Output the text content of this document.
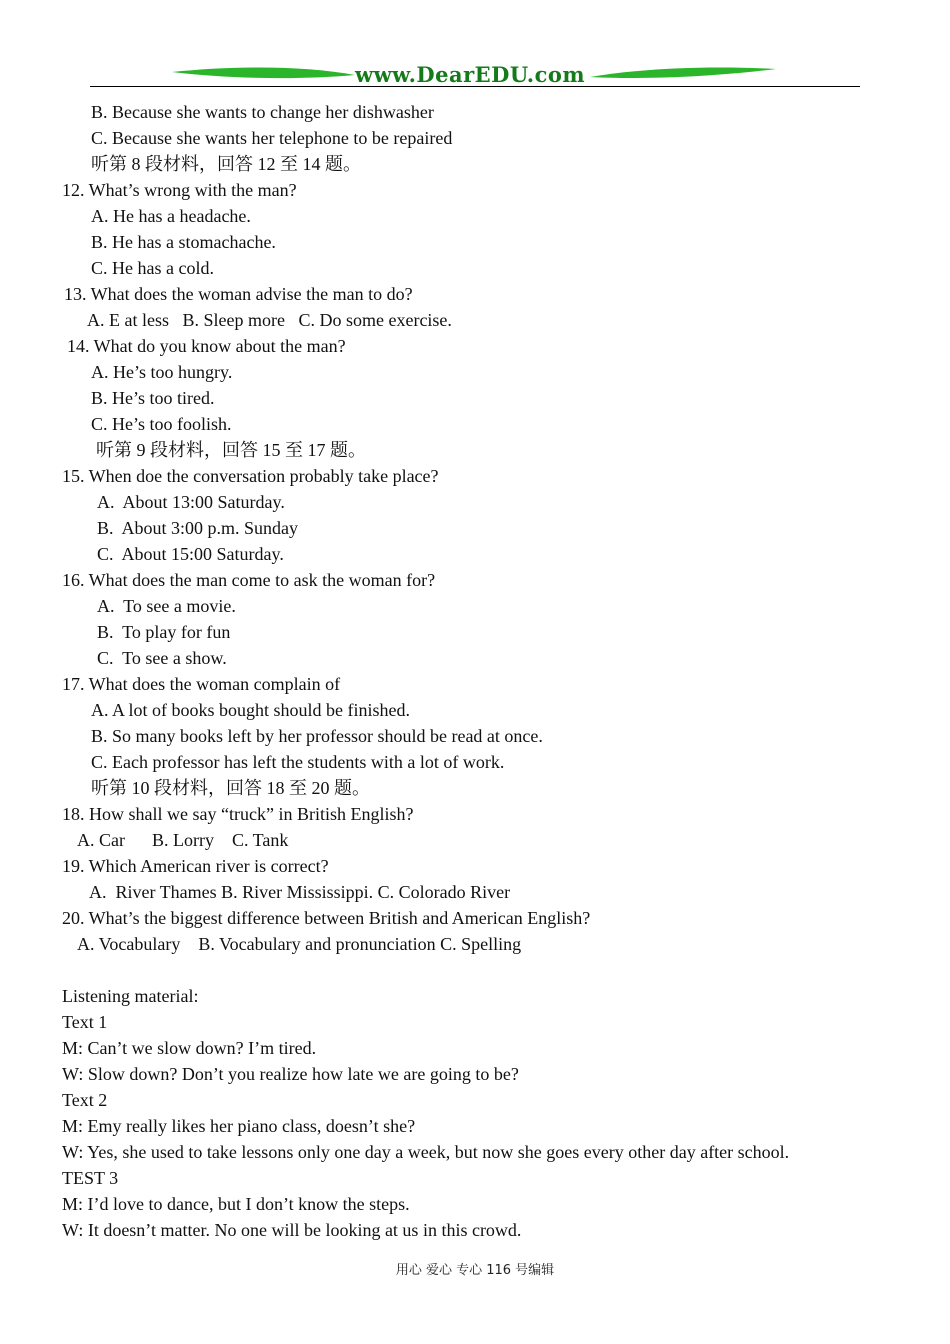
www.DearEDU.com
B. Because she wants to change her dishwasher
C. Because she wants her telephone to be repaired
听第 8 段材料，回答 12 至 14 题。
12. What’s wrong with the man?
A. He has a headache.
B. He has a stomachache.
C. He has a cold.
13. What does the woman advise the man to do?
A. E at less   B. Sleep more   C. Do some exercise.
14. What do you know about the man?
A. He’s too hungry.
B. He’s too tired.
C. He’s too foolish.
听第 9 段材料，回答 15 至 17 题。
15. When doe the conversation probably take place?
A.  About 13:00 Saturday.
B.  About 3:00 p.m. Sunday
C.  About 15:00 Saturday.
16. What does the man come to ask the woman for?
A.  To see a movie.
B.  To play for fun
C.  To see a show.
17. What does the woman complain of
A. A lot of books bought should be finished.
B. So many books left by her professor should be read at once.
C. Each professor has left the students with a lot of work.
听第 10 段材料，回答 18 至 20 题。
18. How shall we say “truck” in British English?
A. Car      B. Lorry    C. Tank
19. Which American river is correct?
A.  River Thames B. River Mississippi. C. Colorado River
20. What’s the biggest difference between British and American English?
A. Vocabulary    B. Vocabulary and pronunciation C. Spelling
Listening material:
Text 1
M: Can’t we slow down? I’m tired.
W: Slow down? Don’t you realize how late we are going to be?
Text 2
M: Emy really likes her piano class, doesn’t she?
W: Yes, she used to take lessons only one day a week, but now she goes every other day after school.
TEST 3
M: I’d love to dance, but I don’t know the steps.
W: It doesn’t matter. No one will be looking at us in this crowd.
用心 爱心 专心 116 号编辑
